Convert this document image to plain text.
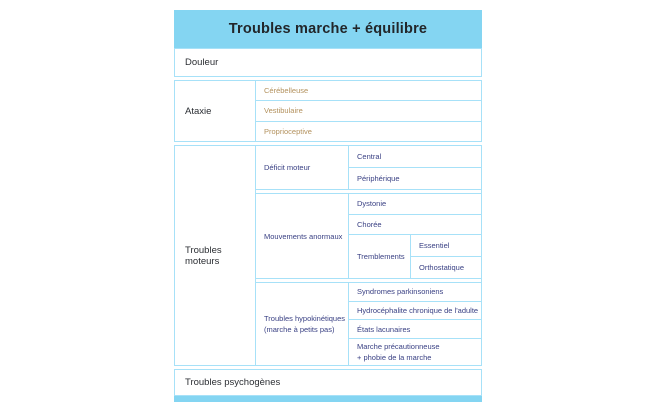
Troubles marche + équilibre
Douleur
Ataxie
Cérébelleuse
Vestibulaire
Proprioceptive
Troubles moteurs
Déficit moteur
Central
Périphérique
Mouvements anormaux
Dystonie
Chorée
Tremblements
Essentiel
Orthostatique
Troubles hypokinétiques
(marche à petits pas)
Syndromes parkinsoniens
Hydrocéphalite chronique de l'adulte
États lacunaires
Marche précautionneuse
+ phobie de la marche
Troubles psychogènes
